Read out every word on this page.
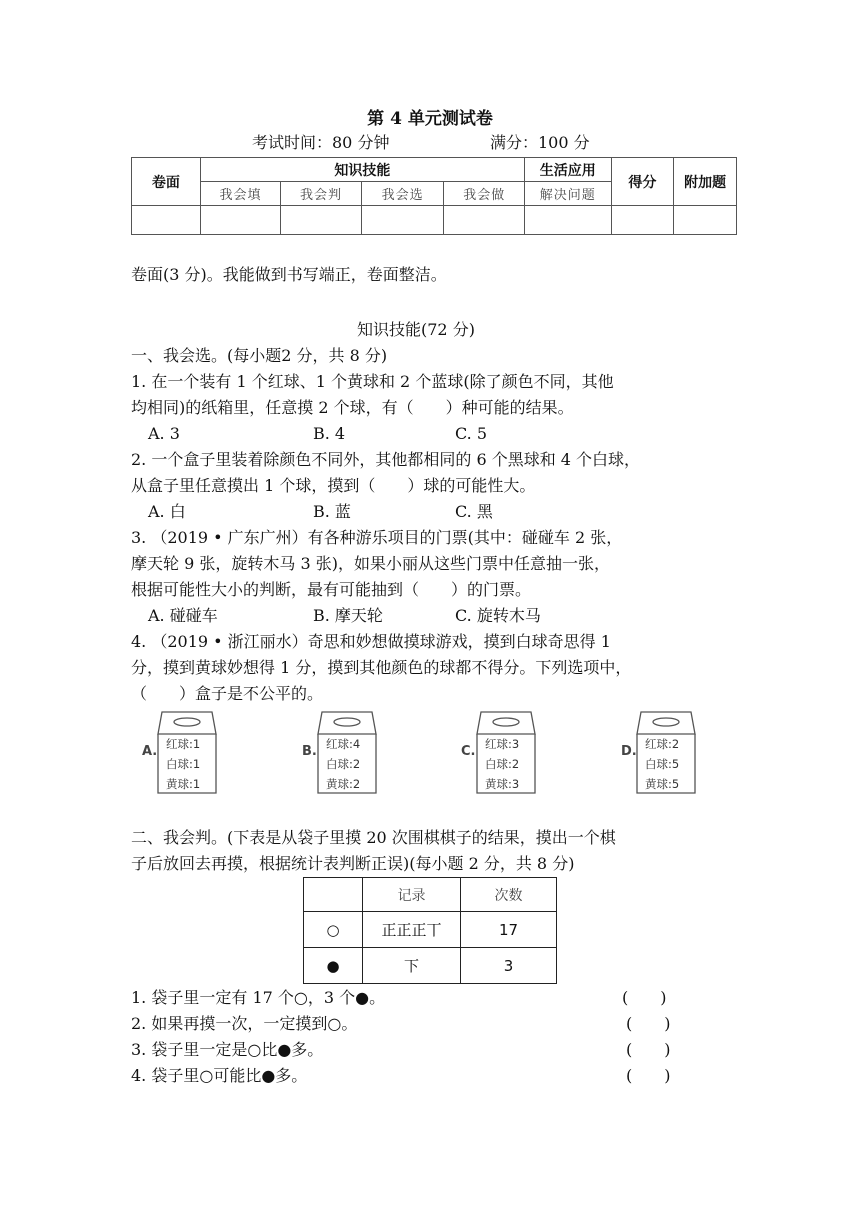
第 4 单元测试卷
考试时间：80 分钟	满分：100 分
卷面	知识技能				生活应用	得分	附加题
	我会填	我会判	我会选	我会做	解决问题		

卷面(3 分)。我能做到书写端正，卷面整洁。
知识技能(72 分)
一、我会选。(每小题2 分，共 8 分)
1. 在一个装有 1 个红球、1 个黄球和 2 个蓝球(除了颜色不同，其他
均相同)的纸箱里，任意摸 2 个球，有（　　）种可能的结果。
A. 3	B. 4	C. 5
2. 一个盒子里装着除颜色不同外，其他都相同的 6 个黑球和 4 个白球，
从盒子里任意摸出 1 个球，摸到（　　）球的可能性大。
A. 白	B. 蓝	C. 黑
3. （2019 • 广东广州）有各种游乐项目的门票(其中：碰碰车 2 张，
摩天轮 9 张，旋转木马 3 张)，如果小丽从这些门票中任意抽一张，
根据可能性大小的判断，最有可能抽到（　　）的门票。
A. 碰碰车	B. 摩天轮	C. 旋转木马
4. （2019 • 浙江丽水）奇思和妙想做摸球游戏，摸到白球奇思得 1
分，摸到黄球妙想得 1 分，摸到其他颜色的球都不得分。下列选项中，
（　　）盒子是不公平的。
A. 红球:1
白球:1
黄球:1
B. 红球:4
白球:2
黄球:2
C. 红球:3
白球:2
黄球:3
D. 红球:2
白球:5
黄球:5
二、我会判。(下表是从袋子里摸 20 次围棋棋子的结果，摸出一个棋
子后放回去再摸，根据统计表判断正误)(每小题 2 分，共 8 分)
	记录	次数
○	正正正丅	17
●	下	3
1. 袋子里一定有 17 个○，3 个●。	(　　)
2. 如果再摸一次，一定摸到○。	(　　)
3. 袋子里一定是○比●多。	(　　)
4. 袋子里○可能比●多。	(　　)
